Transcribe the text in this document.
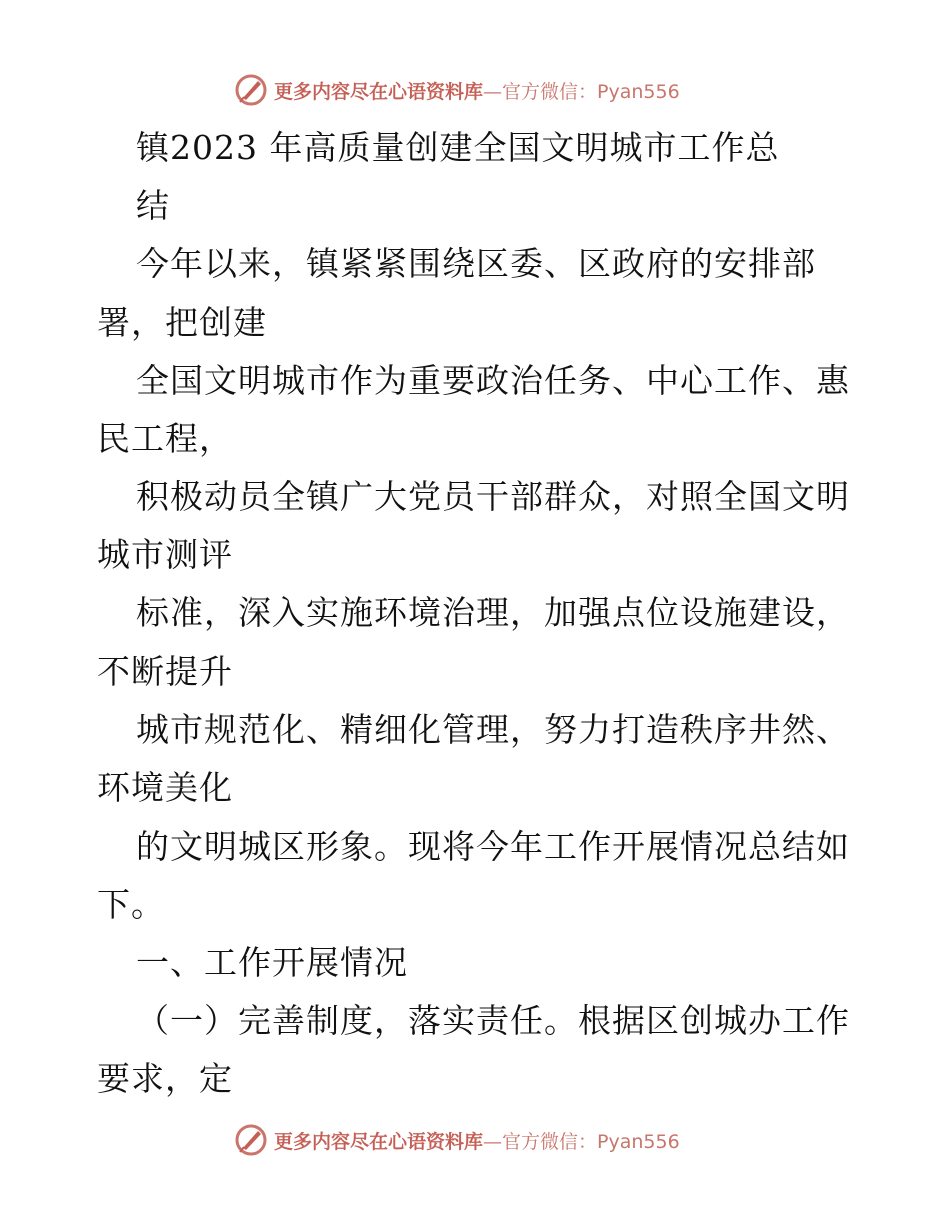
更多内容尽在心语资料库—官方微信：Pyan556
镇2023 年高质量创建全国文明城市工作总
结
今年以来，镇紧紧围绕区委、区政府的安排部
署，把创建
全国文明城市作为重要政治任务、中心工作、惠
民工程，
积极动员全镇广大党员干部群众，对照全国文明
城市测评
标准，深入实施环境治理，加强点位设施建设，
不断提升
城市规范化、精细化管理，努力打造秩序井然、
环境美化
的文明城区形象。现将今年工作开展情况总结如
下。
一、工作开展情况
（一）完善制度，落实责任。根据区创城办工作
要求，定
更多内容尽在心语资料库—官方微信：Pyan556
